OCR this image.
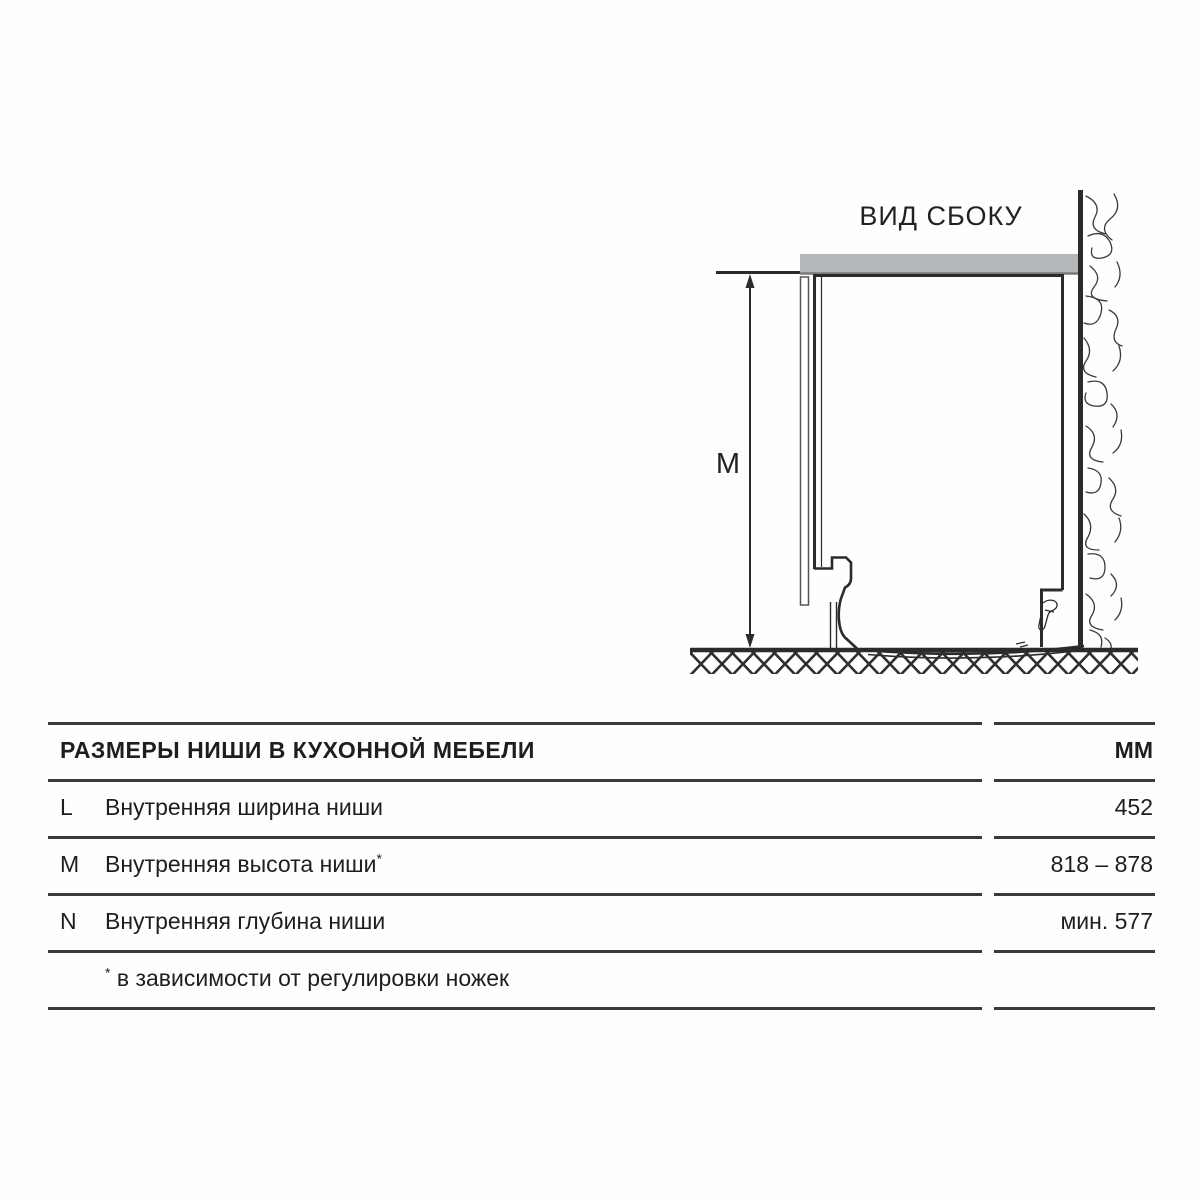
ВИД СБОКУ
M
РАЗМЕРЫ НИШИ В КУХОННОЙ МЕБЕЛИ	ММ
L Внутренняя ширина ниши	452
M Внутренняя высота ниши*	818 – 878
N Внутренняя глубина ниши	мин. 577
* в зависимости от регулировки ножек
